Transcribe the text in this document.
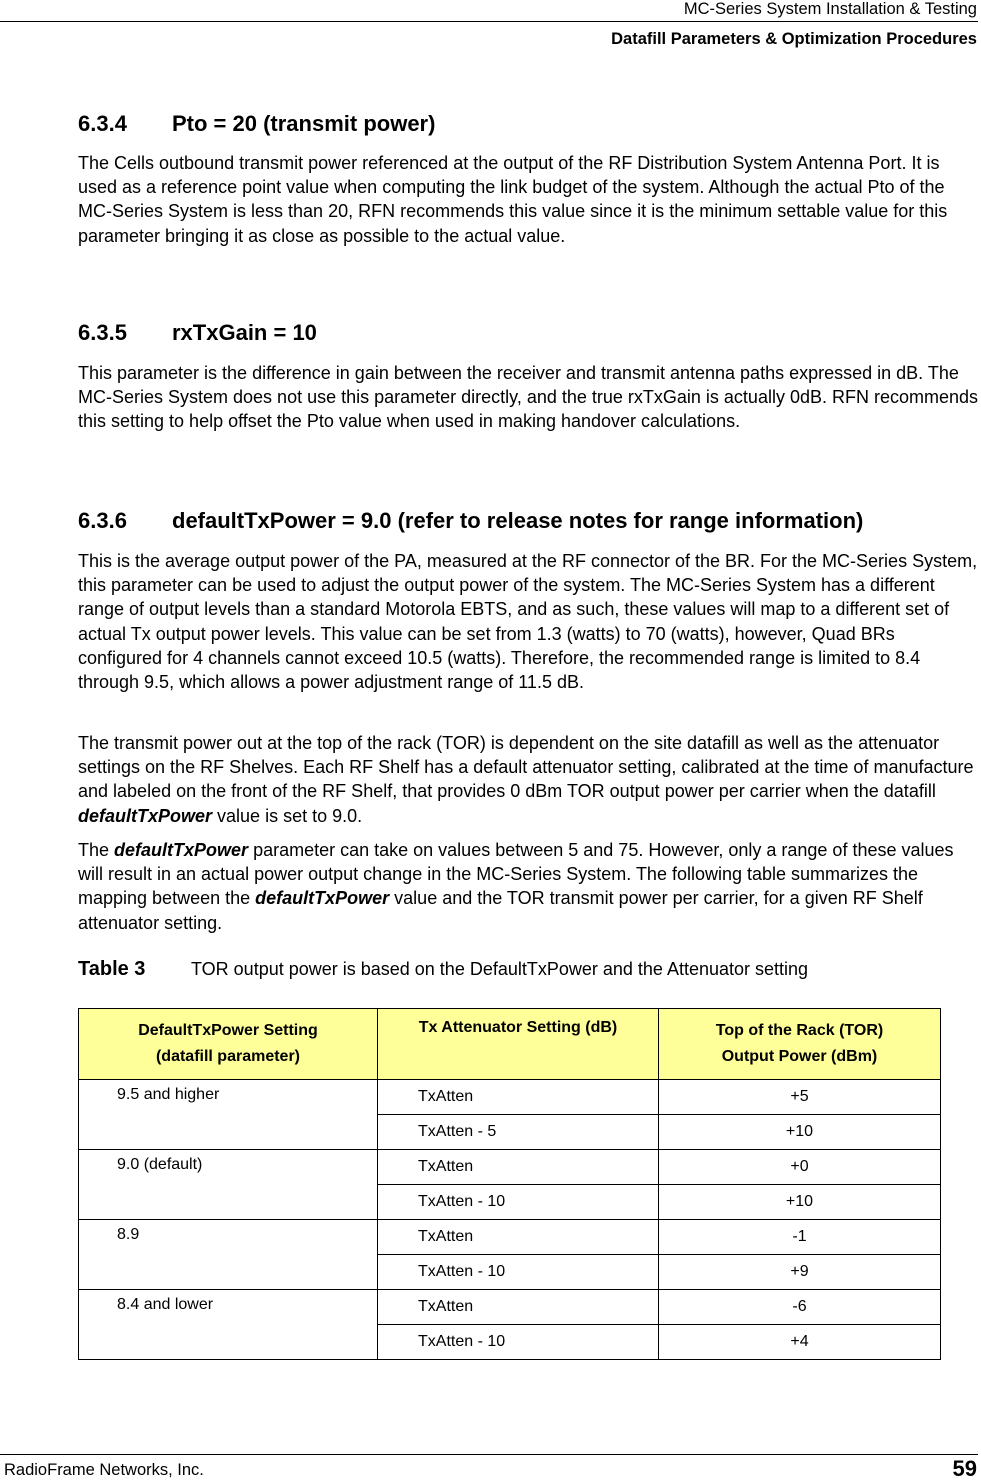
MC-Series System Installation & Testing
Datafill Parameters & Optimization Procedures
6.3.4 Pto = 20 (transmit power)
The Cells outbound transmit power referenced at the output of the RF Distribution System Antenna Port. It is used as a reference point value when computing the link budget of the system. Although the actual Pto of the MC-Series System is less than 20, RFN recommends this value since it is the minimum settable value for this parameter bringing it as close as possible to the actual value.
6.3.5 rxTxGain = 10
This parameter is the difference in gain between the receiver and transmit antenna paths expressed in dB. The MC-Series System does not use this parameter directly, and the true rxTxGain is actually 0dB. RFN recommends this setting to help offset the Pto value when used in making handover calculations.
6.3.6 defaultTxPower = 9.0 (refer to release notes for range information)
This is the average output power of the PA, measured at the RF connector of the BR. For the MC-Series System, this parameter can be used to adjust the output power of the system. The MC-Series System has a different range of output levels than a standard Motorola EBTS, and as such, these values will map to a different set of actual Tx output power levels. This value can be set from 1.3 (watts) to 70 (watts), however, Quad BRs configured for 4 channels cannot exceed 10.5 (watts). Therefore, the recommended range is limited to 8.4 through 9.5, which allows a power adjustment range of 11.5 dB.
The transmit power out at the top of the rack (TOR) is dependent on the site datafill as well as the attenuator settings on the RF Shelves. Each RF Shelf has a default attenuator setting, calibrated at the time of manufacture and labeled on the front of the RF Shelf, that provides 0 dBm TOR output power per carrier when the datafill defaultTxPower value is set to 9.0.
The defaultTxPower parameter can take on values between 5 and 75. However, only a range of these values will result in an actual power output change in the MC-Series System. The following table summarizes the mapping between the defaultTxPower value and the TOR transmit power per carrier, for a given RF Shelf attenuator setting.
Table 3	TOR output power is based on the DefaultTxPower and the Attenuator setting
DefaultTxPower Setting
(datafill parameter)	Tx Attenuator Setting (dB)	Top of the Rack (TOR)
Output Power (dBm)
9.5 and higher	TxAtten	+5
	TxAtten - 5	+10
9.0 (default)	TxAtten	+0
	TxAtten - 10	+10
8.9	TxAtten	-1
	TxAtten - 10	+9
8.4 and lower	TxAtten	-6
	TxAtten - 10	+4
RadioFrame Networks, Inc.	59
